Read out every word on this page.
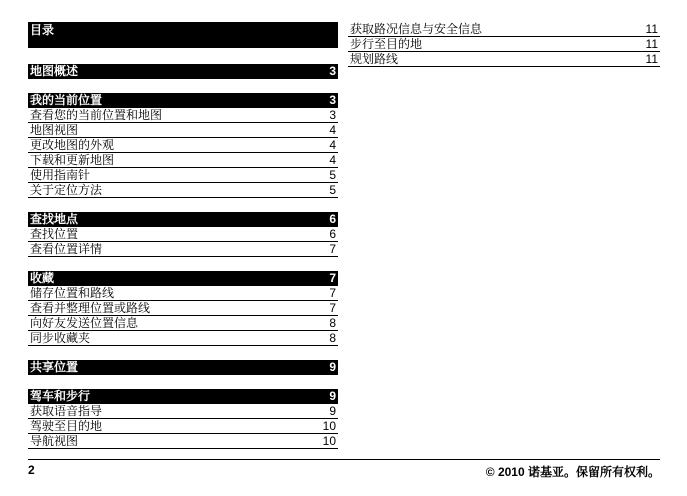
目录
地图概述	3
我的当前位置	3
查看您的当前位置和地图	3
地图视图	4
更改地图的外观	4
下载和更新地图	4
使用指南针	5
关于定位方法	5
查找地点	6
查找位置	6
查看位置详情	7
收藏	7
储存位置和路线	7
查看并整理位置或路线	7
向好友发送位置信息	8
同步收藏夹	8
共享位置	9
驾车和步行	9
获取语音指导	9
驾驶至目的地	10
导航视图	10
获取路况信息与安全信息	11
步行至目的地	11
规划路线	11
2	© 2010 诺基亚。保留所有权利。
